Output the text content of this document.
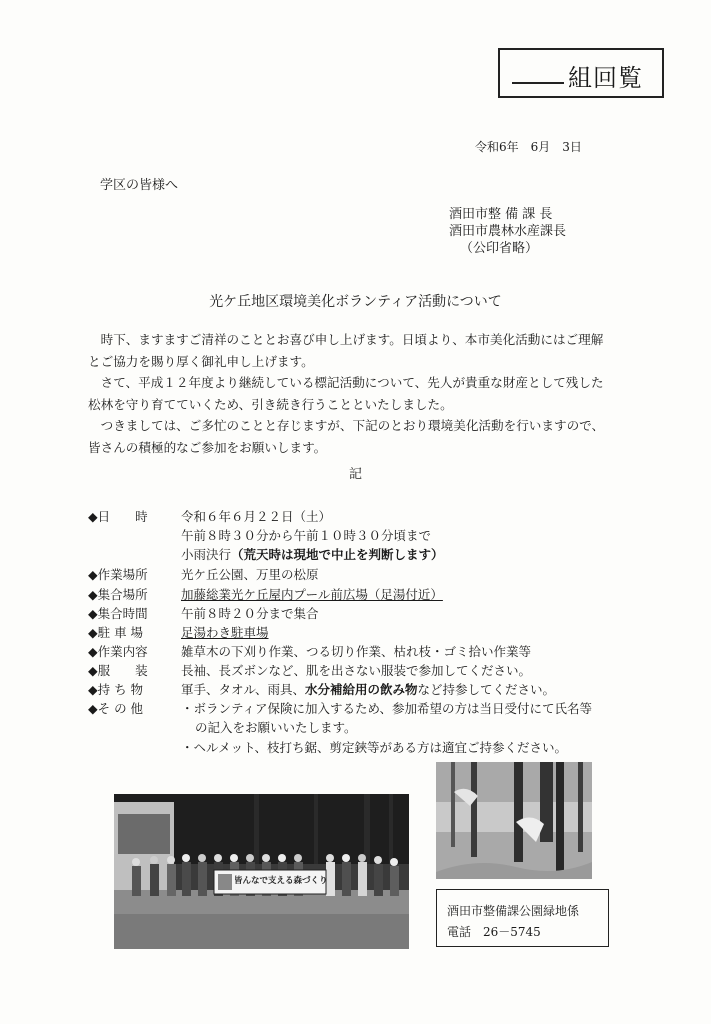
組回覧
令和6年　6月　3日
学区の皆様へ
酒田市整 備 課 長
酒田市農林水産課長
（公印省略）
光ケ丘地区環境美化ボランティア活動について
　時下、ますますご清祥のこととお喜び申し上げます。日頃より、本市美化活動にはご理解とご協力を賜り厚く御礼申し上げます。
　さて、平成１２年度より継続している標記活動について、先人が貴重な財産として残した松林を守り育てていくため、引き続き行うことといたしました。
　つきましては、ご多忙のことと存じますが、下記のとおり環境美化活動を行いますので、皆さんの積極的なご参加をお願いします。
記
◆日　　時	令和６年６月２２日（土）
午前８時３０分から午前１０時３０分頃まで
小雨決行（荒天時は現地で中止を判断します）
◆作業場所	光ケ丘公園、万里の松原
◆集合場所	加藤総業光ケ丘屋内プール前広場（足湯付近）
◆集合時間	午前８時２０分まで集合
◆駐 車 場	足湯わき駐車場
◆作業内容	雑草木の下刈り作業、つる切り作業、枯れ枝・ゴミ拾い作業等
◆服　　装	長袖、長ズボンなど、肌を出さない服装で参加してください。
◆持 ち 物	軍手、タオル、雨具、水分補給用の飲み物など持参してください。
◆そ の 他	・ボランティア保険に加入するため、参加希望の方は当日受付にて氏名等
の記入をお願いいたします。
・ヘルメット、枝打ち鋸、剪定鋏等がある方は適宜ご持参ください。
皆んなで支える森づくり
酒田市整備課公園緑地係
電話　26－5745
